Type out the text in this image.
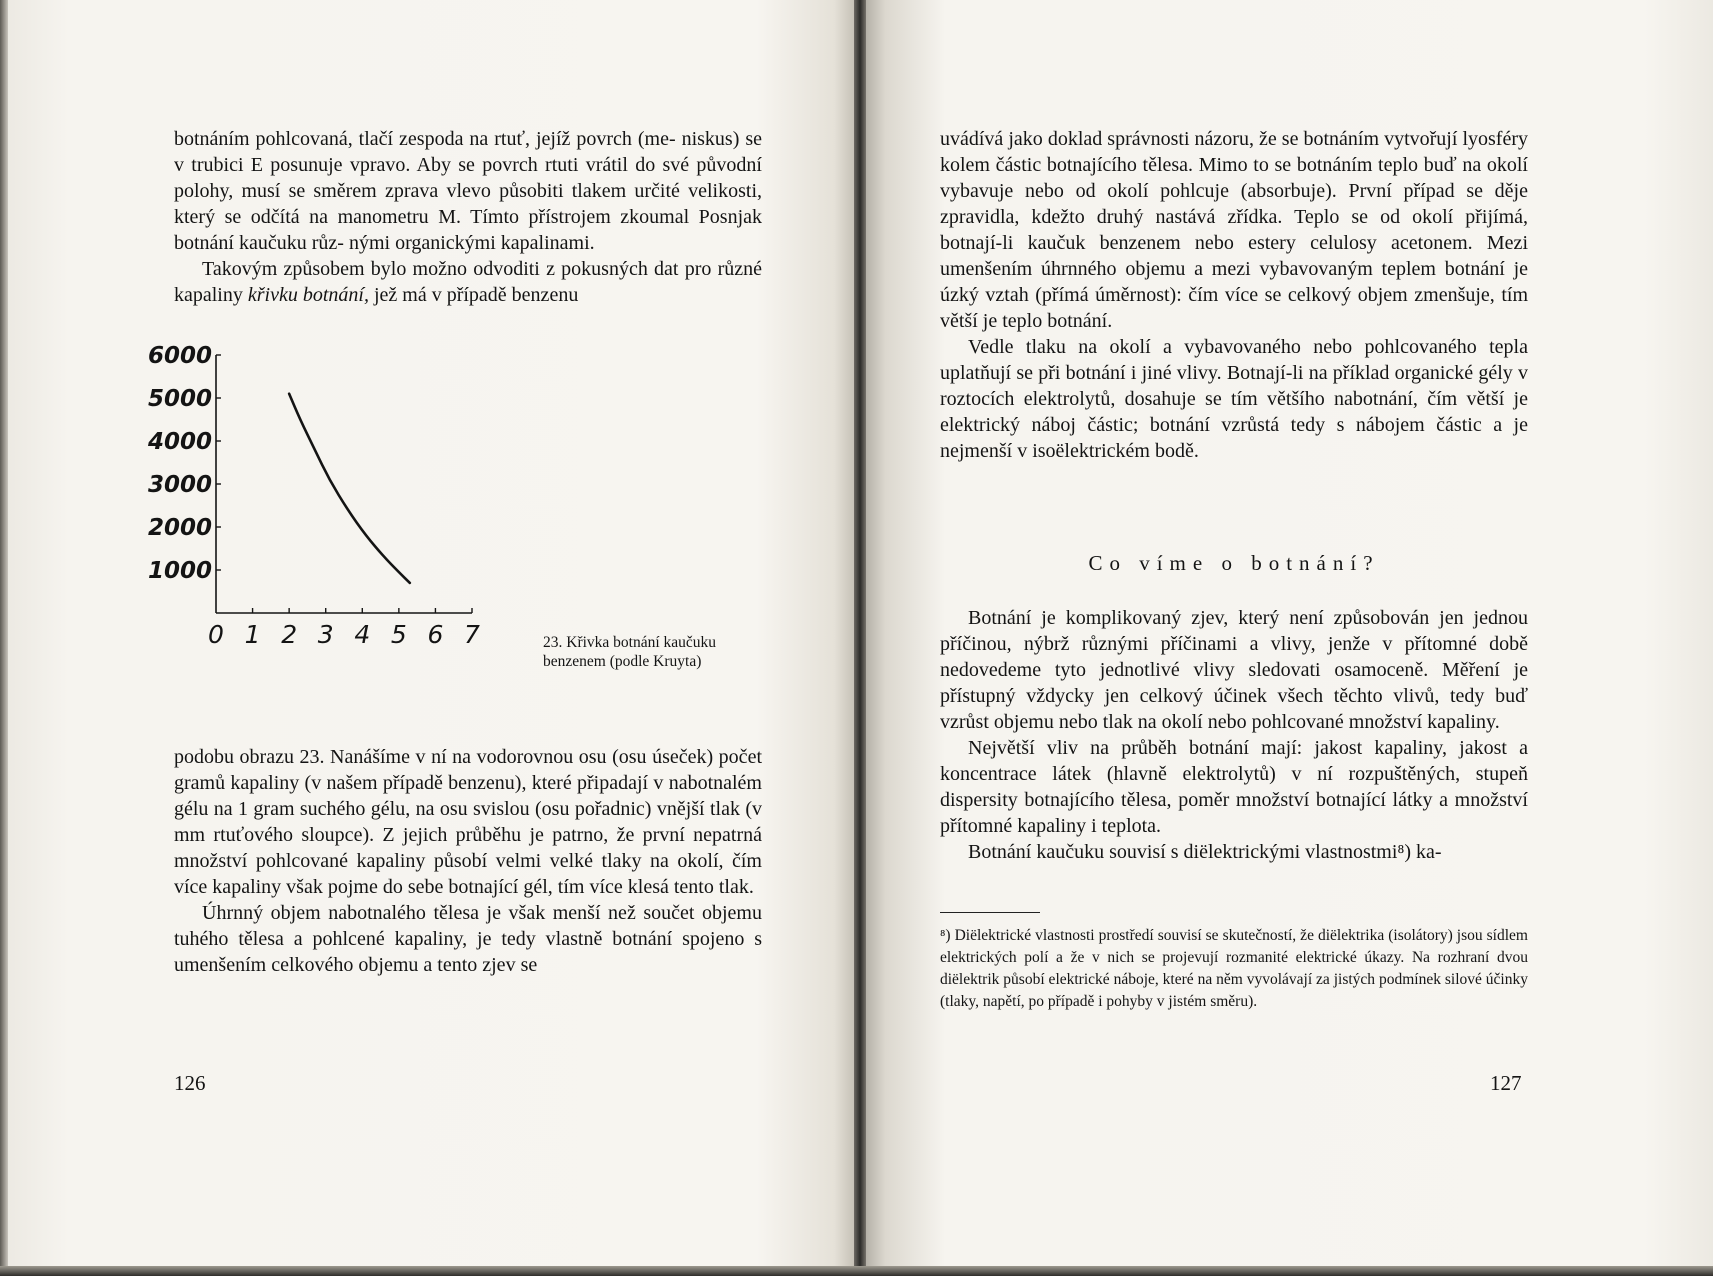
botnáním pohlcovaná, tlačí zespoda na rtuť, jejíž povrch (me- niskus) se v trubici E posunuje vpravo. Aby se povrch rtuti vrátil do své původní polohy, musí se směrem zprava vlevo působiti tlakem určité velikosti, který se odčítá na manometru M. Tímto přístrojem zkoumal Posnjak botnání kaučuku růz- nými organickými kapalinami.

Takovým způsobem bylo možno odvoditi z pokusných dat pro různé kapaliny křivku botnání, jež má v případě benzenu

1000
2000
3000
4000
5000
6000
0 1 2 3 4 5 6 7	23. Křivka botnání kaučuku
benzenem (podle Kruyta)

podobu obrazu 23. Nanášíme v ní na vodorovnou osu (osu úseček) počet gramů kapaliny (v našem případě benzenu), které připadají v nabotnalém gélu na 1 gram suchého gélu, na osu svislou (osu pořadnic) vnější tlak (v mm rtuťového sloupce). Z jejich průběhu je patrno, že první nepatrná množství pohlcované kapaliny působí velmi velké tlaky na okolí, čím více kapaliny však pojme do sebe botnající gél, tím více klesá tento tlak.

Úhrnný objem nabotnalého tělesa je však menší než součet objemu tuhého tělesa a pohlcené kapaliny, je tedy vlastně botnání spojeno s umenšením celkového objemu a tento zjev se

126

uvádívá jako doklad správnosti názoru, že se botnáním vytvořují lyosféry kolem částic botnajícího tělesa. Mimo to se botnáním teplo buď na okolí vybavuje nebo od okolí pohlcuje (absorbuje). První případ se děje zpravidla, kdežto druhý nastává zřídka. Teplo se od okolí přijímá, botnají-li kaučuk benzenem nebo estery celulosy acetonem. Mezi umenšením úhrnného objemu a mezi vybavovaným teplem botnání je úzký vztah (přímá úměrnost): čím více se celkový objem zmenšuje, tím větší je teplo botnání.

Vedle tlaku na okolí a vybavovaného nebo pohlcovaného tepla uplatňují se při botnání i jiné vlivy. Botnají-li na příklad organické gély v roztocích elektrolytů, dosahuje se tím většího nabotnání, čím větší je elektrický náboj částic; botnání vzrůstá tedy s nábojem částic a je nejmenší v isoëlektrickém bodě.

Co víme o botnání?

Botnání je komplikovaný zjev, který není způsobován jen jednou příčinou, nýbrž různými příčinami a vlivy, jenže v přítomné době nedovedeme tyto jednotlivé vlivy sledovati osamoceně. Měření je přístupný vždycky jen celkový účinek všech těchto vlivů, tedy buď vzrůst objemu nebo tlak na okolí nebo pohlcované množství kapaliny.

Největší vliv na průběh botnání mají: jakost kapaliny, jakost a koncentrace látek (hlavně elektrolytů) v ní rozpuštěných, stupeň dispersity botnajícího tělesa, poměr množství botnající látky a množství přítomné kapaliny i teplota.

Botnání kaučuku souvisí s diëlektrickými vlastnostmi⁸) ka-

⁸) Diëlektrické vlastnosti prostředí souvisí se skutečností, že diëlektrika (isolátory) jsou sídlem elektrických polí a že v nich se projevují rozmanité elektrické úkazy. Na rozhraní dvou diëlektrik působí elektrické náboje, které na něm vyvolávají za jistých podmínek silové účinky (tlaky, napětí, po případě i pohyby v jistém směru).
127
